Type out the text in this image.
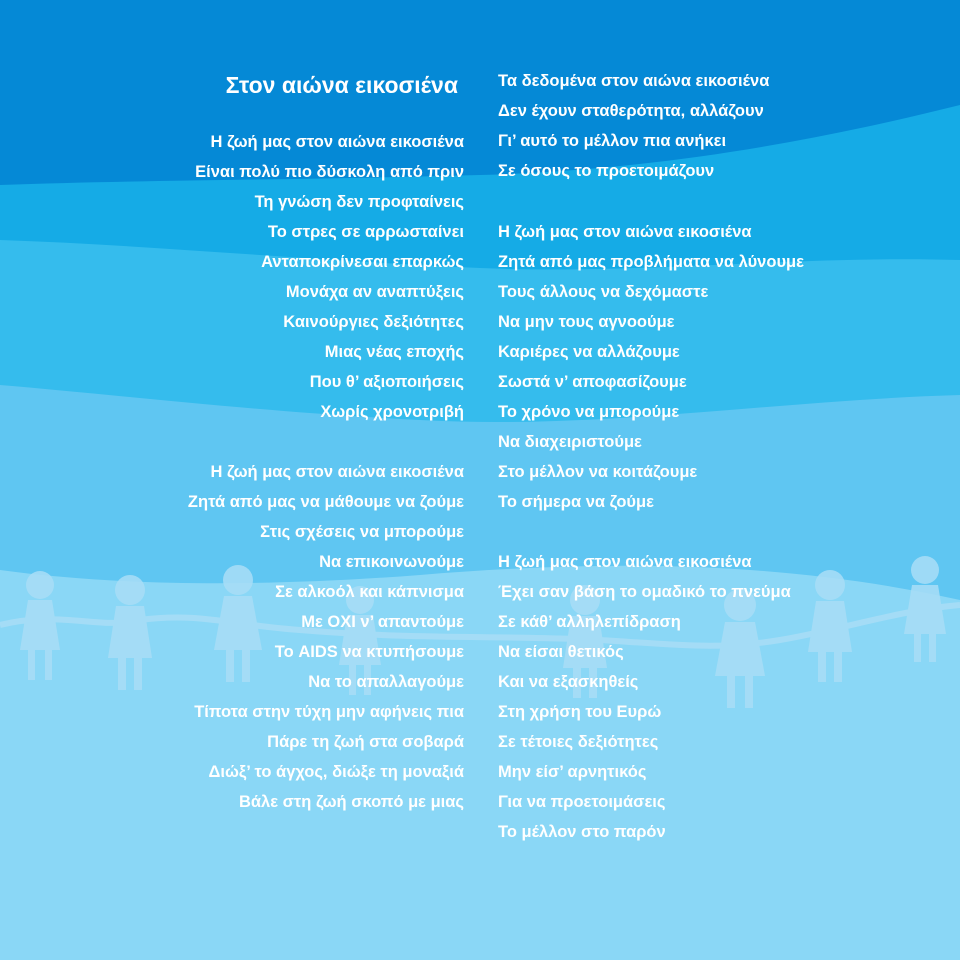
Στον αιώνα εικοσιένα
Η ζωή μας στον αιώνα εικοσιένα
Είναι πολύ πιο δύσκολη από πριν
Τη γνώση δεν προφταίνεις
Το στρες σε αρρωσταίνει
Ανταποκρίνεσαι επαρκώς
Μονάχα αν αναπτύξεις
Καινούργιες δεξιότητες
Μιας νέας εποχής
Που θ’ αξιοποιήσεις
Χωρίς χρονοτριβή
Η ζωή μας στον αιώνα εικοσιένα
Ζητά από μας να μάθουμε να ζούμε
Στις σχέσεις να μπορούμε
Να επικοινωνούμε
Σε αλκοόλ και κάπνισμα
Με ΟΧΙ ν’ απαντούμε
Το AIDS να κτυπήσουμε
Να το απαλλαγούμε
Τίποτα στην τύχη μην αφήνεις πια
Πάρε τη ζωή στα σοβαρά
Διώξ’ το άγχος, διώξε τη μοναξιά
Βάλε στη ζωή σκοπό με μιας
Τα δεδομένα στον αιώνα εικοσιένα
Δεν έχουν σταθερότητα, αλλάζουν
Γι’ αυτό το μέλλον πια ανήκει
Σε όσους το προετοιμάζουν
Η ζωή μας στον αιώνα εικοσιένα
Ζητά από μας προβλήματα να λύνουμε
Τους άλλους να δεχόμαστε
Να μην τους αγνοούμε
Καριέρες να αλλάζουμε
Σωστά ν’ αποφασίζουμε
Το χρόνο να μπορούμε
Να διαχειριστούμε
Στο μέλλον να κοιτάζουμε
Το σήμερα να ζούμε
Η ζωή μας στον αιώνα εικοσιένα
Έχει σαν βάση το ομαδικό το πνεύμα
Σε κάθ’ αλληλεπίδραση
Να είσαι θετικός
Και να εξασκηθείς
Στη χρήση του Ευρώ
Σε τέτοιες δεξιότητες
Μην είσ’ αρνητικός
Για να προετοιμάσεις
Το μέλλον στο παρόν
